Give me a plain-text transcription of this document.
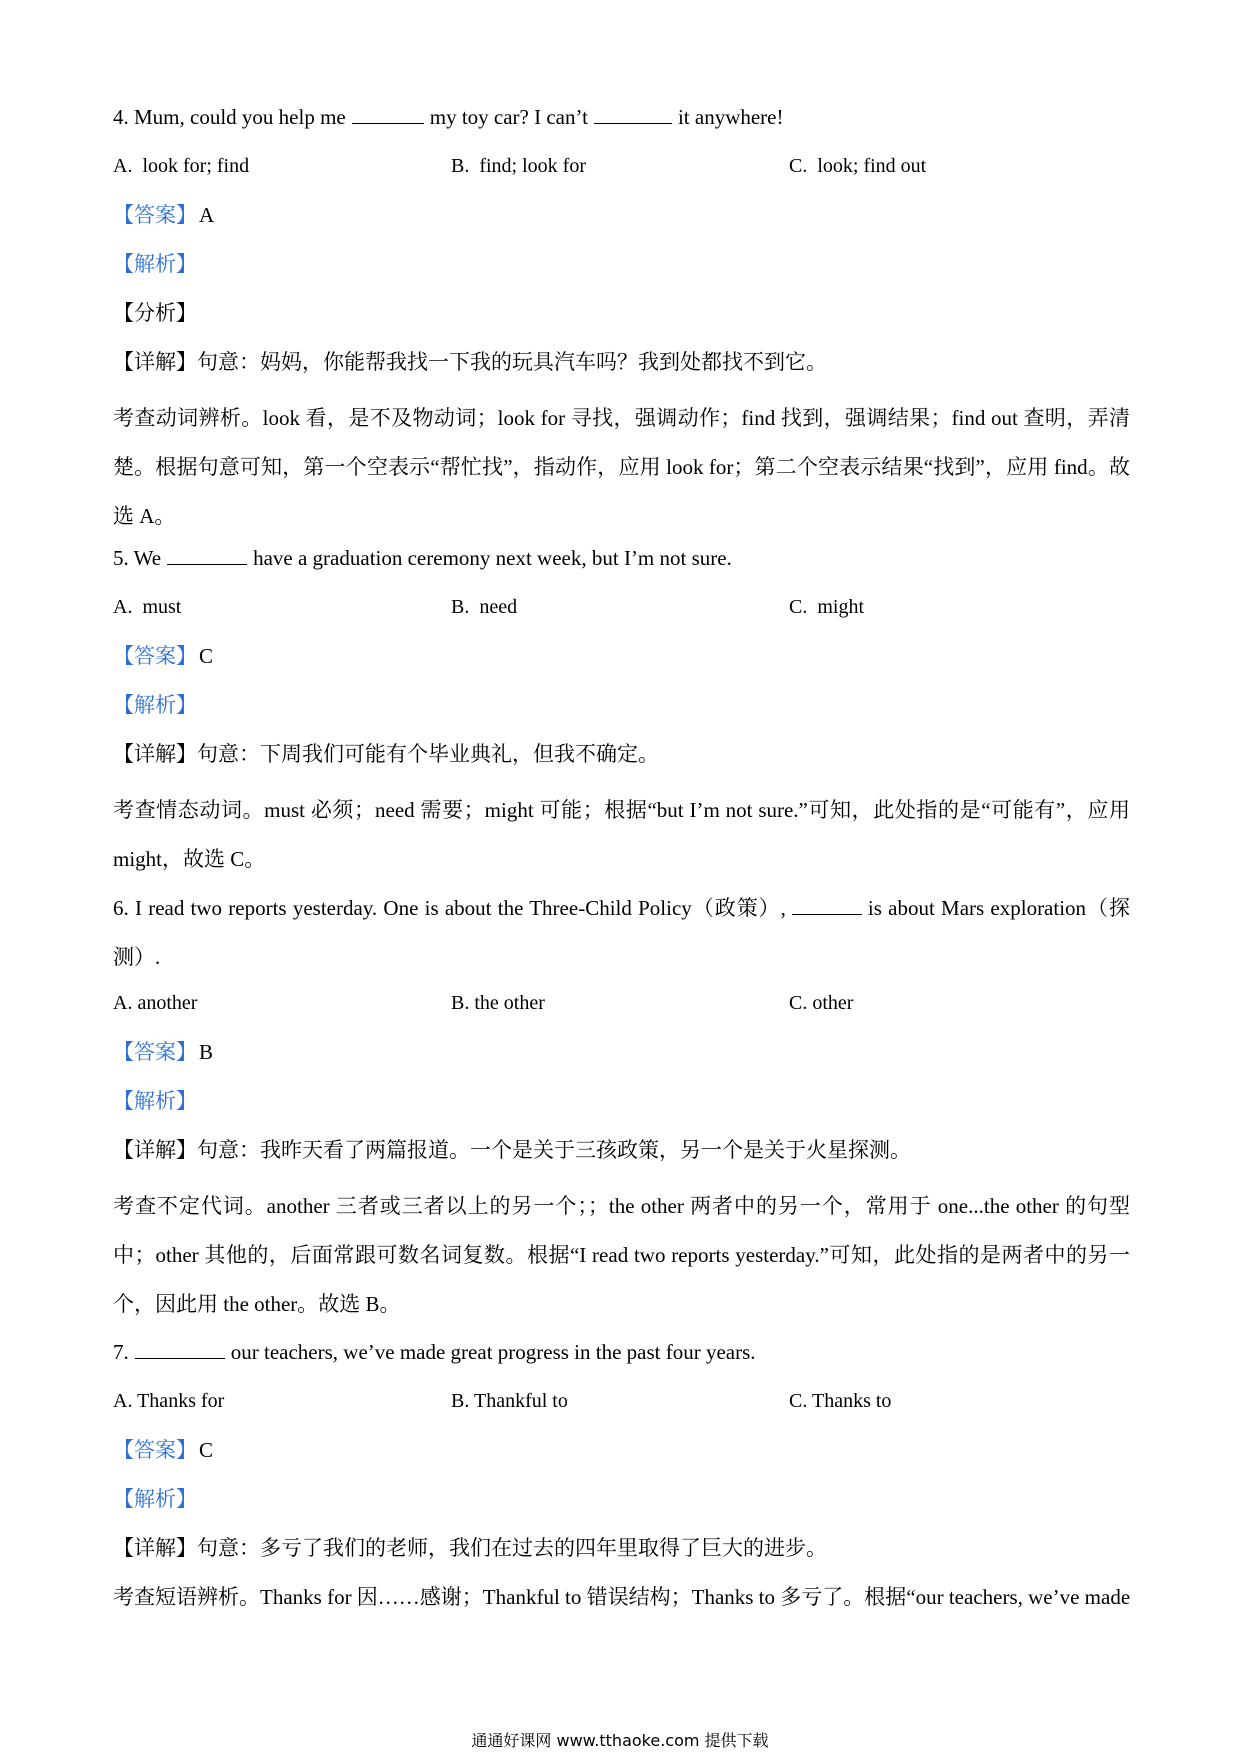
4. Mum, could you help me	my toy car? I can’t	it anywhere!
A. look for; find	B. find; look for	C. look; find out
【答案】A
【解析】
【分析】
【详解】句意：妈妈，你能帮我找一下我的玩具汽车吗？我到处都找不到它。
考查动词辨析。look 看，是不及物动词；look for 寻找，强调动作；find 找到，强调结果；find out 查明，弄清楚。根据句意可知，第一个空表示“帮忙找”，指动作，应用 look for；第二个空表示结果“找到”，应用 find。故选 A。
5. We	have a graduation ceremony next week, but I’m not sure.
A. must	B. need	C. might
【答案】C
【解析】
【详解】句意：下周我们可能有个毕业典礼，但我不确定。
考查情态动词。must 必须；need 需要；might 可能；根据“but I’m not sure.”可知，此处指的是“可能有”，应用 might，故选 C。
6. I read two reports yesterday. One is about the Three-Child Policy（政策）,	is about Mars exploration（探测）.
A. another	B. the other	C. other
【答案】B
【解析】
【详解】句意：我昨天看了两篇报道。一个是关于三孩政策，另一个是关于火星探测。
考查不定代词。another 三者或三者以上的另一个；；the other 两者中的另一个，常用于 one...the other 的句型中；other 其他的，后面常跟可数名词复数。根据“I read two reports yesterday.”可知，此处指的是两者中的另一个，因此用 the other。故选 B。
7.	our teachers, we’ve made great progress in the past four years.
A. Thanks for	B. Thankful to	C. Thanks to
【答案】C
【解析】
【详解】句意：多亏了我们的老师，我们在过去的四年里取得了巨大的进步。
考查短语辨析。Thanks for 因……感谢；Thankful to 错误结构；Thanks to 多亏了。根据“our teachers, we’ve made
通通好课网 www.tthaoke.com 提供下载
